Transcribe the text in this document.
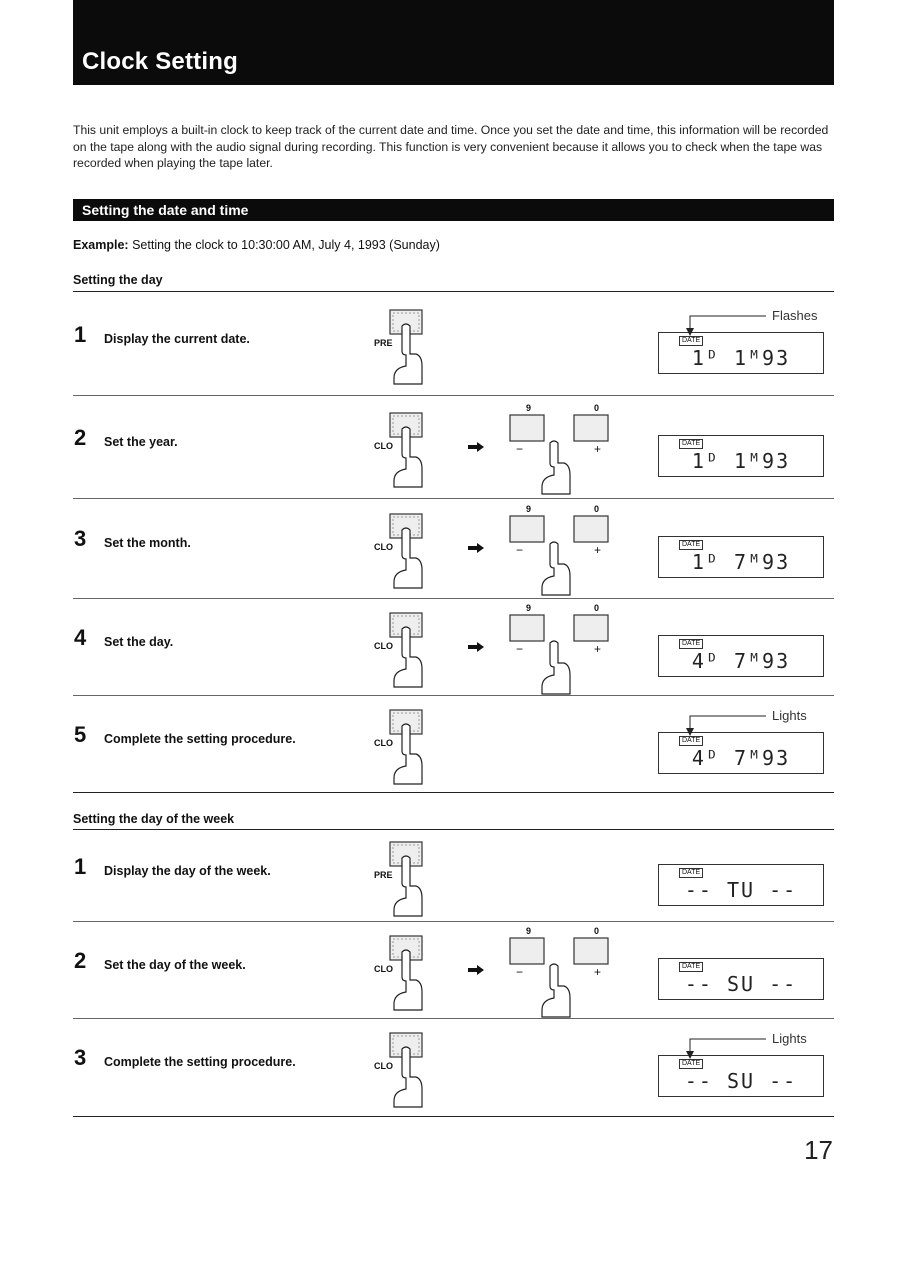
Clock Setting
This unit employs a built-in clock to keep track of the current date and time. Once you set the date and time, this information will be recorded on the tape along with the audio signal during recording. This function is very convenient because it allows you to check when the tape was recorded when playing the tape later.
Setting the date and time
Example: Setting the clock to 10:30:00 AM, July 4, 1993 (Sunday)
Setting the day
1 Display the current date.	PRE	DATE
1ᴰ 1ᴹ93
Flashes
2 Set the year.	CLO
9	0
−	+	DATE
1ᴰ 1ᴹ93
3 Set the month.	CLO
9	0
−	+	DATE
1ᴰ 7ᴹ93
4 Set the day.	CLO
9	0
−	+	DATE
4ᴰ 7ᴹ93
5 Complete the setting procedure.	CLO	DATE
4ᴰ 7ᴹ93
Lights
Setting the day of the week
1 Display the day of the week.	PRE	DATE
-- TU --
2 Set the day of the week.	CLO
9	0
−	+	DATE
-- SU --
3 Complete the setting procedure.	CLO	DATE
-- SU --
Lights
17
